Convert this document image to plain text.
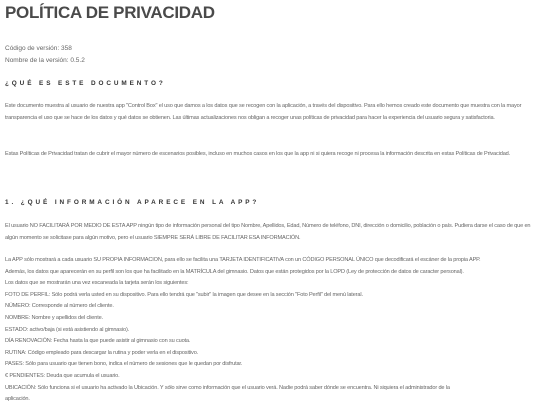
POLÍTICA DE PRIVACIDAD
Código de versión: 358
Nombre de la versión: 0.5.2
¿QUÉ ES ESTE DOCUMENTO?

Este documento muestra al usuario de nuestra app "Control Box" el uso que damos a los datos que se recogen con la aplicación, a través del dispositivo. Para ello hemos creado este documento que muestra con la mayor transparencia el uso que se hace de los datos y qué datos se obtienen. Las últimas actualizaciones nos obligan a recoger unas políticas de privacidad para hacer la experiencia del usuario segura y satisfactoria.

Estas Políticas de Privacidad tratan de cubrir el mayor número de escenarios posibles, incluso en muchos casos en los que la app ni si quiera recoge ni procesa la información descrita en estas Políticas de Privacidad.

1. ¿QUÉ INFORMACIÓN APARECE EN LA APP?

El usuario NO FACILITARÁ POR MEDIO DE ESTA APP ningún tipo de información personal del tipo Nombre, Apellidos, Edad, Número de teléfono, DNI, dirección o domicilio, población o país. Pudiera darse el caso de que en algún momento se solicitase para algún motivo, pero el usuario SIEMPRE SERÁ LIBRE DE FACILITAR ESA INFORMACIÓN.

La APP sólo mostrará a cada usuario SU PROPIA INFORMACION, para ello se facilita una TARJETA IDENTIFICATIVA con un CÓDIGO PERSONAL ÚNICO que decodificará el escáner de la propia APP.
Además, los datos que aparecerán en su perfil son los que ha facilitado en la MATRÍCULA del gimnasio. Datos que están protegidos por la LOPD (Ley de protección de datos de caracter personal).
Los datos que se mostrarán una vez escaneada la tarjeta serán los siguientes:
FOTO DE PERFIL: Sólo podrá verla usted en su dispositivo. Para ello tendrá que "subir" la imagen que desee en la sección "Foto Perfil" del menú lateral.
NÚMERO: Corresponde al número del cliente.
NOMBRE: Nombre y apellidos del cliente.
ESTADO: activo/baja (si está asistiendo al gimnasio).
DÍA RENOVACIÓN: Fecha hasta la que puede asistir al gimnasio con su cuota.
RUTINA: Código empleado para descargar la rutina y poder verla en el dispositivo.
PASES: Sólo para usuario que tienen bono, indica el número de sesiones que le quedan por disfrutar.
€ PENDIENTES: Deuda que acumula el usuario.
UBICACIÓN: Sólo funciona si el usuario ha activado la Ubicación. Y sólo sirve como información que el usuario verá. Nadie podrá saber dónde se encuentra. Ni siquiera el administrador de la
aplicación.
